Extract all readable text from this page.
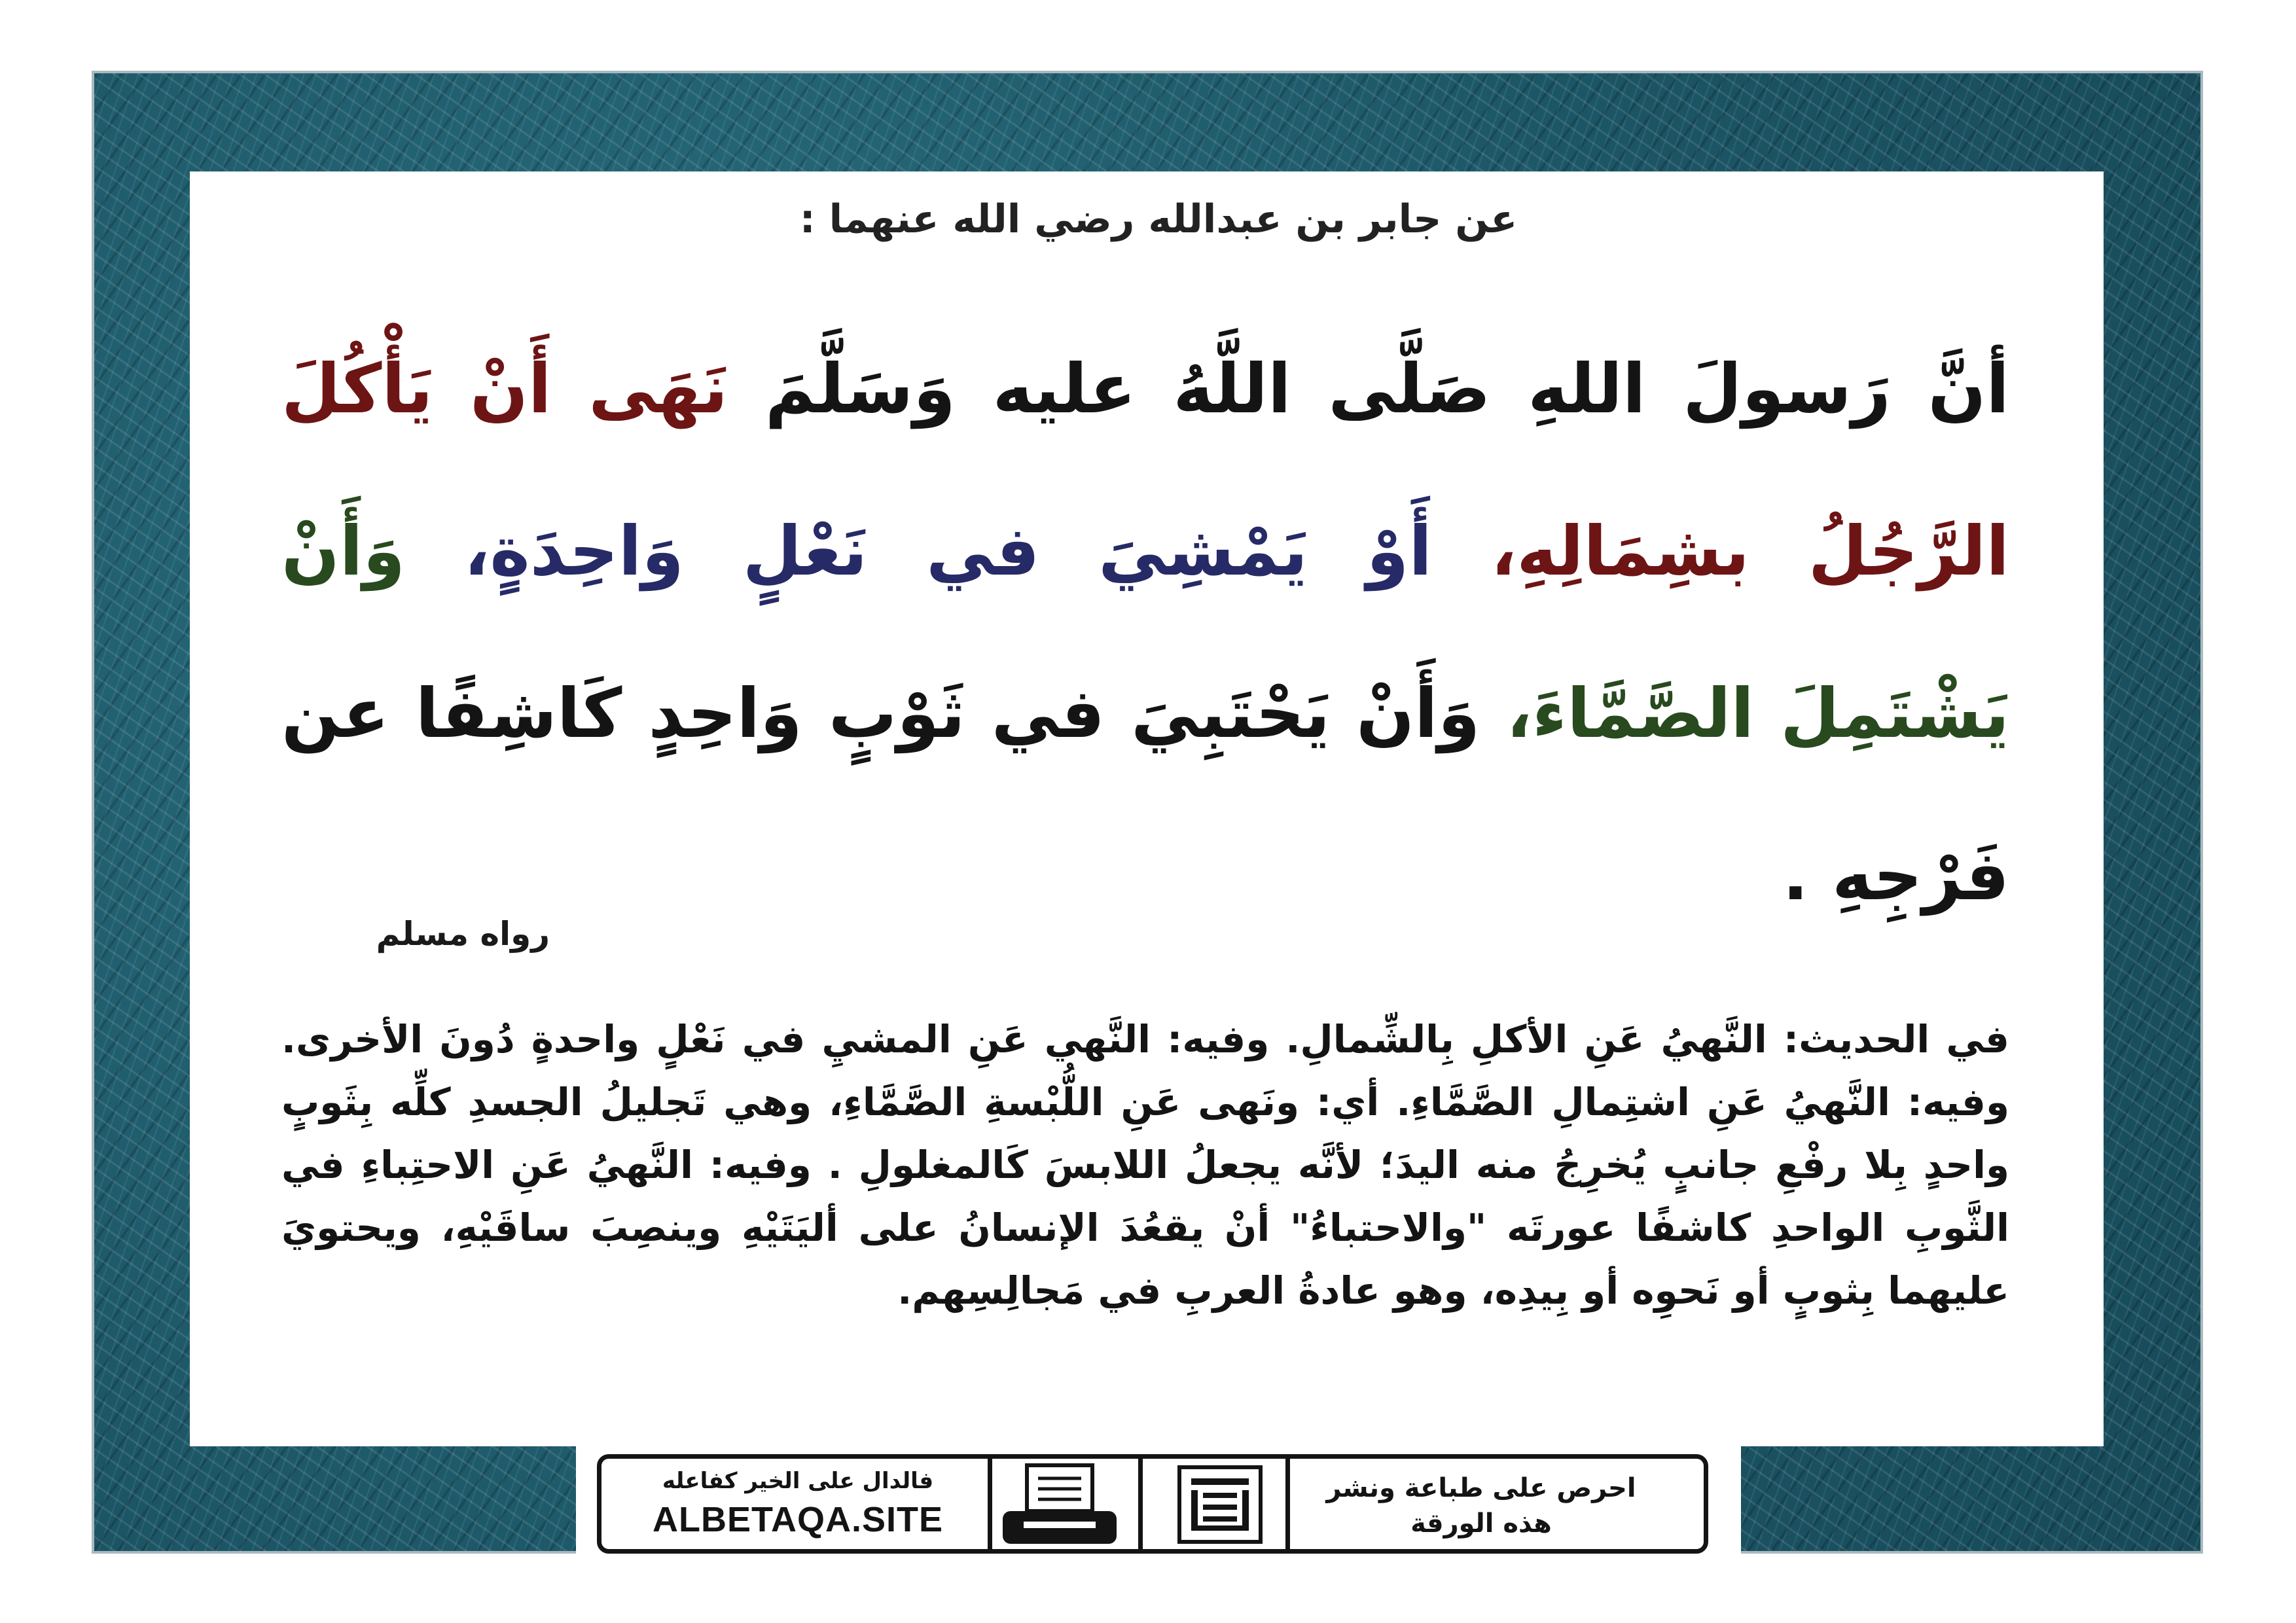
عن جابر بن عبدالله رضي الله عنهما :
أنَّ رَسولَ اللهِ صَلَّى اللَّهُ عليه وَسَلَّمَ نَهَى أَنْ يَأْكُلَ الرَّجُلُ بشِمَالِهِ، أَوْ يَمْشِيَ في نَعْلٍ وَاحِدَةٍ، وَأَنْ يَشْتَمِلَ الصَّمَّاءَ، وَأَنْ يَحْتَبِيَ في ثَوْبٍ وَاحِدٍ كَاشِفًا عن فَرْجِهِ .
رواه مسلم
في الحديث: النَّهيُ عَنِ الأكلِ بِالشِّمالِ. وفيه: النَّهي عَنِ المشيِ في نَعْلٍ واحدةٍ دُونَ الأخرى. وفيه: النَّهيُ عَنِ اشتِمالِ الصَّمَّاءِ. أي: ونَهى عَنِ اللُّبْسةِ الصَّمَّاءِ، وهي تَجليلُ الجسدِ كلِّه بِثَوبٍ واحدٍ بِلا رفْعِ جانبٍ يُخرِجُ منه اليدَ؛ لأنَّه يجعلُ اللابسَ كَالمغلولِ . وفيه: النَّهيُ عَنِ الاحتِباءِ في الثَّوبِ الواحدِ كاشفًا عورتَه "والاحتباءُ" أنْ يقعُدَ الإنسانُ على أليَتَيْهِ وينصِبَ ساقَيْهِ، ويحتويَ عليهما بِثوبٍ أو نَحوِه أو بِيدِه، وهو عادةُ العربِ في مَجالِسِهم.
فالدال على الخير كفاعله
ALBETAQA.SITE
احرص على طباعة ونشر هذه الورقة
